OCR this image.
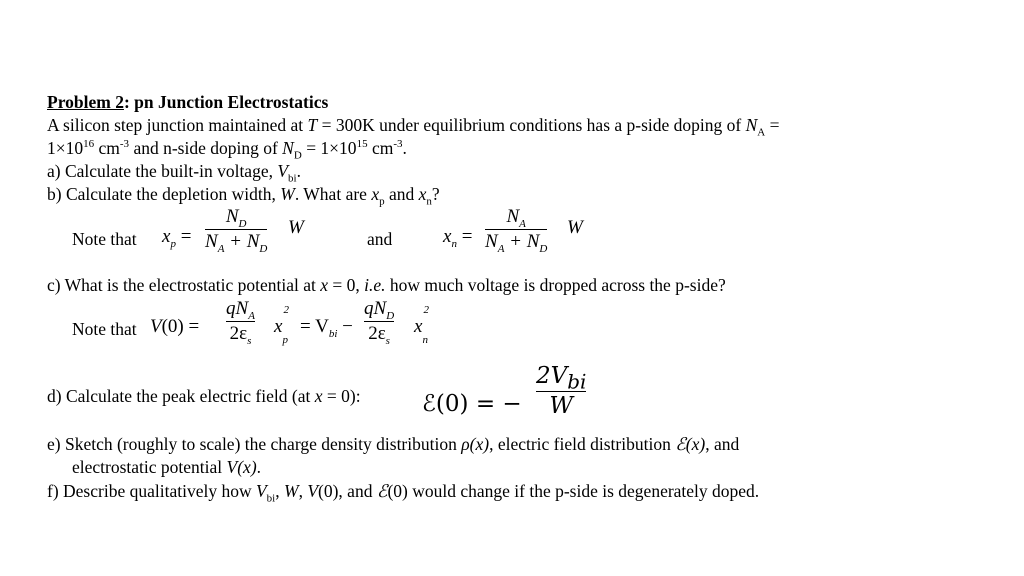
Problem 2: pn Junction Electrostatics
A silicon step junction maintained at T = 300K under equilibrium conditions has a p-side doping of $N_A$ =
$1\times 10^{16}$ $cm^{-3}$ and n-side doping of $N_D = 1\times 10^{15}$ $cm^{-3}$.
a) Calculate the built-in voltage, $V_{bi}$.
b) Calculate the depletion width, W. What are $x_p$ and $x_n$?
Note that $x_p$ =
$N_D$
$N_A + N_D$
W
and	$x_n$ =
$N_A$
$N_A + N_D$
W
c) What is the electrostatic potential at x = 0, i.e. how much voltage is dropped across the p-side?
Note that V(0) =
$qN_A$
$2\varepsilon_s$
x
2
$_p$
= $V_{bi}$ −
$qN_D$
$2\varepsilon_s$
x
2
$_n$
d) Calculate the peak electric field (at x = 0):	ℰ(0) = −
$2V_{bi}$
W
e) Sketch (roughly to scale) the charge density distribution ρ(x), electric field distribution ℰ(x), and
electrostatic potential V(x).
f) Describe qualitatively how $V_{bi}$, W, V(0), and ℰ(0) would change if the p-side is degenerately doped.
